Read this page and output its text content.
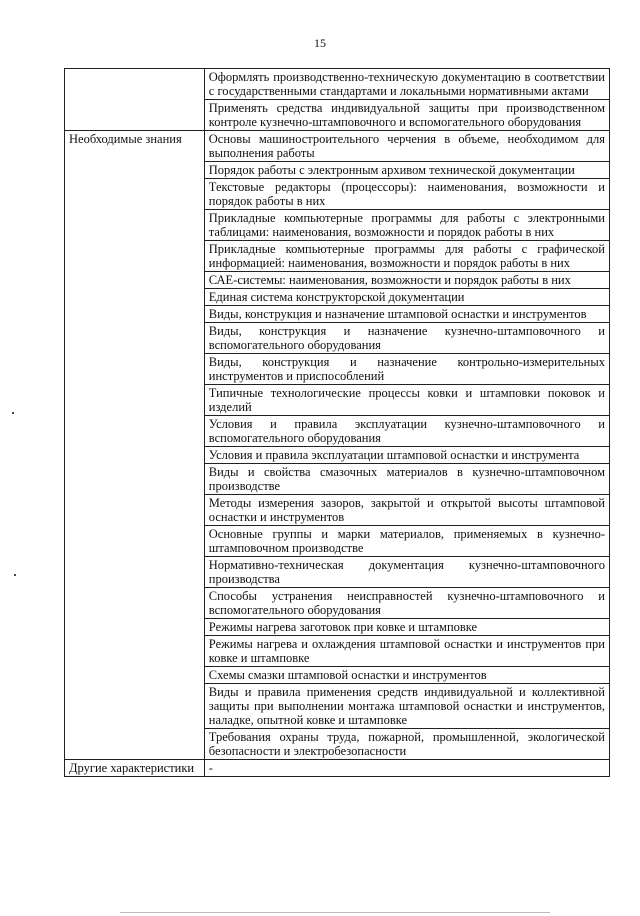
15
	Оформлять производственно-техническую документацию в соответствии с государственными стандартами и локальными нормативными актами
	Применять средства индивидуальной защиты при производственном контроле кузнечно-штамповочного и вспомогательного оборудования
Необходимые знания	Основы машиностроительного черчения в объеме, необходимом для выполнения работы
	Порядок работы с электронным архивом технической документации
	Текстовые редакторы (процессоры): наименования, возможности и порядок работы в них
	Прикладные компьютерные программы для работы с электронными таблицами: наименования, возможности и порядок работы в них
	Прикладные компьютерные программы для работы с графической информацией: наименования, возможности и порядок работы в них
	САЕ-системы: наименования, возможности и порядок работы в них
	Единая система конструкторской документации
	Виды, конструкция и назначение штамповой оснастки и инструментов
	Виды, конструкция и назначение кузнечно-штамповочного и вспомогательного оборудования
	Виды, конструкция и назначение контрольно-измерительных инструментов и приспособлений
	Типичные технологические процессы ковки и штамповки поковок и изделий
	Условия и правила эксплуатации кузнечно-штамповочного и вспомогательного оборудования
	Условия и правила эксплуатации штамповой оснастки и инструмента
	Виды и свойства смазочных материалов в кузнечно-штамповочном производстве
	Методы измерения зазоров, закрытой и открытой высоты штамповой оснастки и инструментов
	Основные группы и марки материалов, применяемых в кузнечно-штамповочном производстве
	Нормативно-техническая документация кузнечно-штамповочного производства
	Способы устранения неисправностей кузнечно-штамповочного и вспомогательного оборудования
	Режимы нагрева заготовок при ковке и штамповке
	Режимы нагрева и охлаждения штамповой оснастки и инструментов при ковке и штамповке
	Схемы смазки штамповой оснастки и инструментов
	Виды и правила применения средств индивидуальной и коллективной защиты при выполнении монтажа штамповой оснастки и инструментов, наладке, опытной ковке и штамповке
	Требования охраны труда, пожарной, промышленной, экологической безопасности и электробезопасности
Другие характеристики	-
